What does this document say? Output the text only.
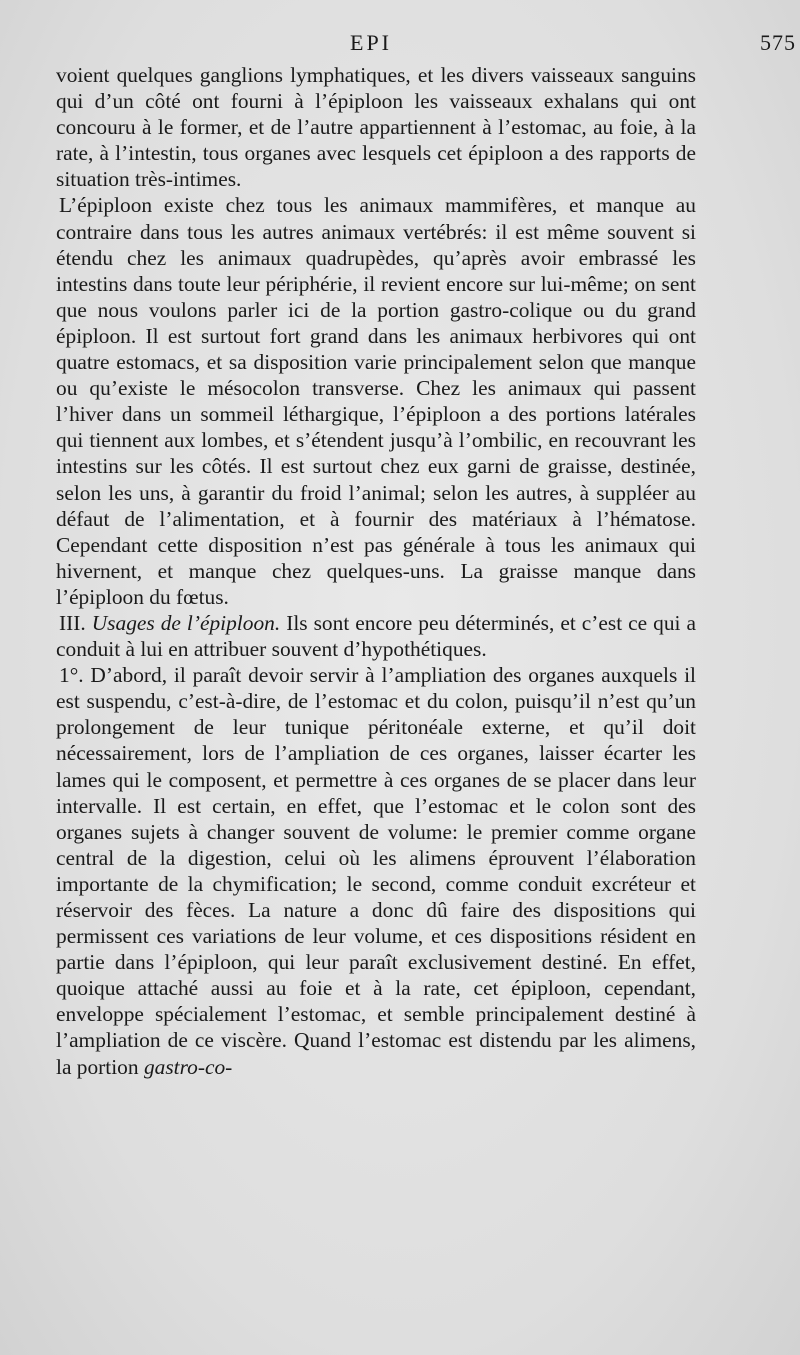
EPI	575

voient quelques ganglions lymphatiques, et les divers vaisseaux sanguins qui d’un côté ont fourni à l’épiploon les vaisseaux exhalans qui ont concouru à le former, et de l’autre appartiennent à l’estomac, au foie, à la rate, à l’intestin, tous organes avec lesquels cet épiploon a des rapports de situation très-intimes.

L’épiploon existe chez tous les animaux mammifères, et manque au contraire dans tous les autres animaux vertébrés: il est même souvent si étendu chez les animaux quadrupèdes, qu’après avoir embrassé les intestins dans toute leur périphérie, il revient encore sur lui-même; on sent que nous voulons parler ici de la portion gastro-colique ou du grand épiploon. Il est surtout fort grand dans les animaux herbivores qui ont quatre estomacs, et sa disposition varie principalement selon que manque ou qu’existe le mésocolon transverse. Chez les animaux qui passent l’hiver dans un sommeil léthargique, l’épiploon a des portions latérales qui tiennent aux lombes, et s’étendent jusqu’à l’ombilic, en recouvrant les intestins sur les côtés. Il est surtout chez eux garni de graisse, destinée, selon les uns, à garantir du froid l’animal; selon les autres, à suppléer au défaut de l’alimentation, et à fournir des matériaux à l’hématose. Cependant cette disposition n’est pas générale à tous les animaux qui hivernent, et manque chez quelques-uns. La graisse manque dans l’épiploon du fœtus.

III. Usages de l’épiploon. Ils sont encore peu déterminés, et c’est ce qui a conduit à lui en attribuer souvent d’hypothétiques.

1°. D’abord, il paraît devoir servir à l’ampliation des organes auxquels il est suspendu, c’est-à-dire, de l’estomac et du colon, puisqu’il n’est qu’un prolongement de leur tunique péritonéale externe, et qu’il doit nécessairement, lors de l’ampliation de ces organes, laisser écarter les lames qui le composent, et permettre à ces organes de se placer dans leur intervalle. Il est certain, en effet, que l’estomac et le colon sont des organes sujets à changer souvent de volume: le premier comme organe central de la digestion, celui où les alimens éprouvent l’élaboration importante de la chymification; le second, comme conduit excréteur et réservoir des fèces. La nature a donc dû faire des dispositions qui permissent ces variations de leur volume, et ces dispositions résident en partie dans l’épiploon, qui leur paraît exclusivement destiné. En effet, quoique attaché aussi au foie et à la rate, cet épiploon, cependant, enveloppe spécialement l’estomac, et semble principalement destiné à l’ampliation de ce viscère. Quand l’estomac est distendu par les alimens, la portion gastro-co-
